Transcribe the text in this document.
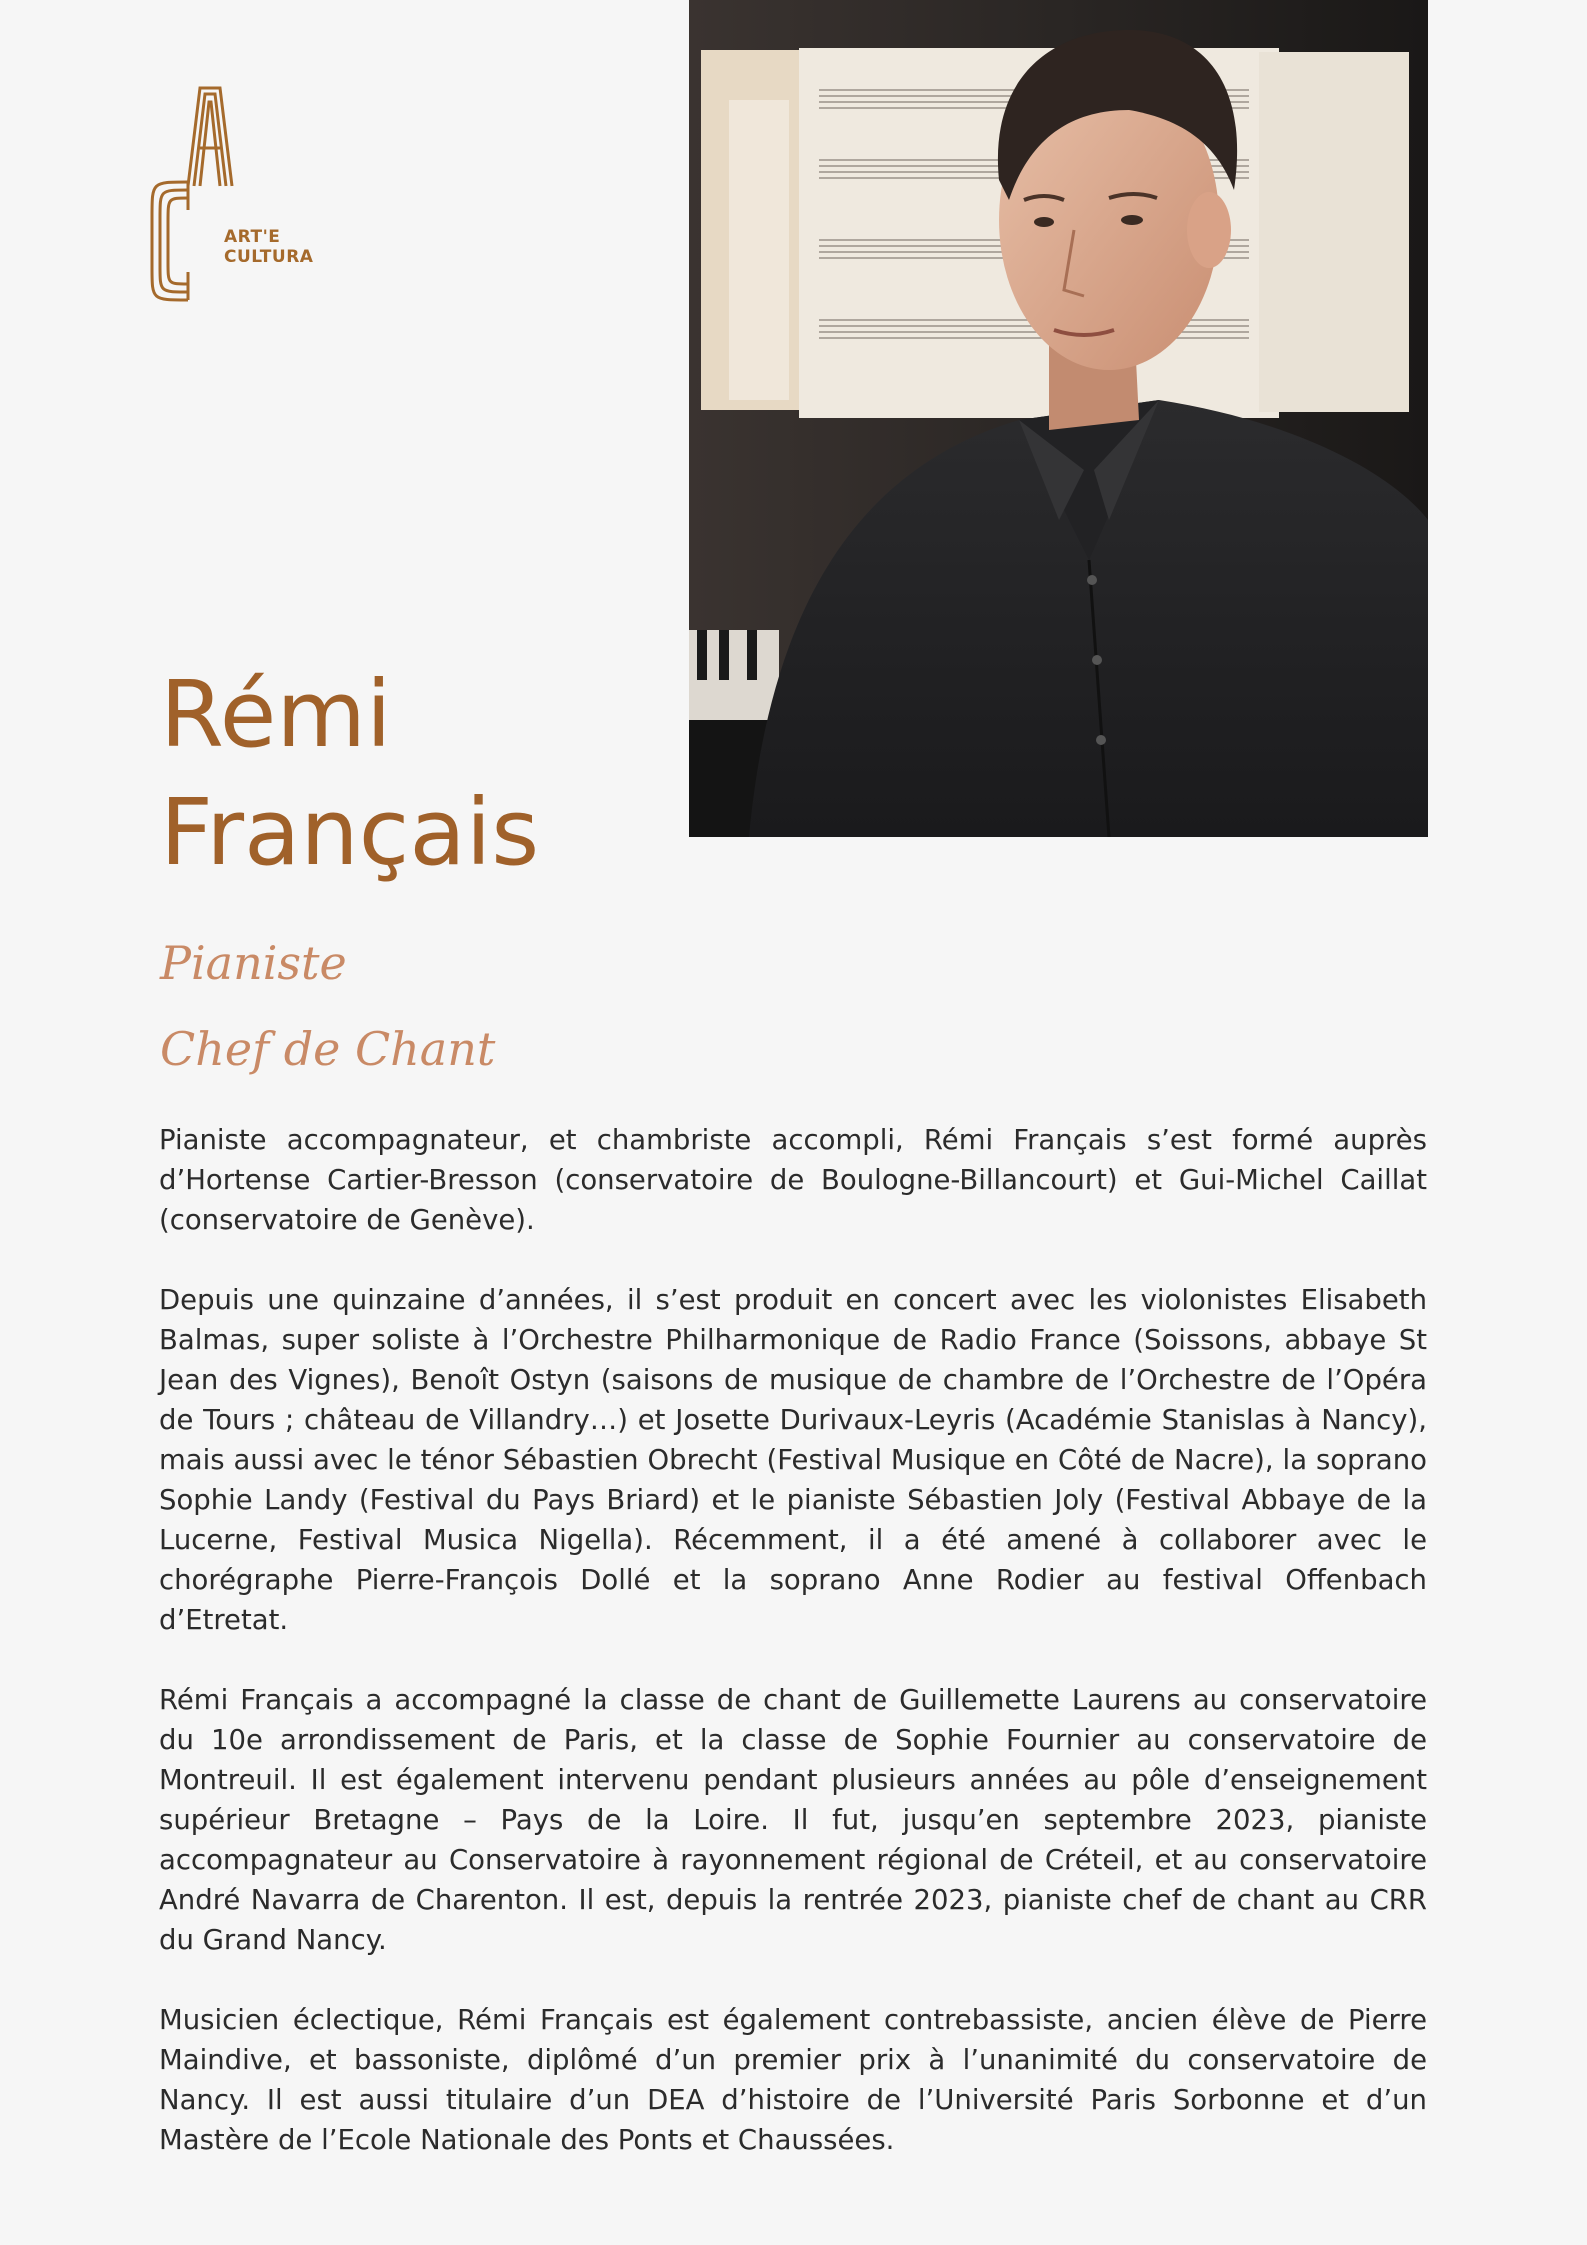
ART'E
CULTURA
Rémi
Français
Pianiste
Chef de Chant

Pianiste accompagnateur, et chambriste accompli, Rémi Français s’est formé auprès d’Hortense Cartier-Bresson (conservatoire de Boulogne-Billancourt) et Gui-Michel Caillat (conservatoire de Genève).

Depuis une quinzaine d’années, il s’est produit en concert avec les violonistes Elisabeth Balmas, super soliste à l’Orchestre Philharmonique de Radio France (Soissons, abbaye St Jean des Vignes), Benoît Ostyn (saisons de musique de chambre de l’Orchestre de l’Opéra de Tours ; château de Villandry…) et Josette Durivaux-Leyris (Académie Stanislas à Nancy), mais aussi avec le ténor Sébastien Obrecht (Festival Musique en Côté de Nacre), la soprano Sophie Landy (Festival du Pays Briard) et le pianiste Sébastien Joly (Festival Abbaye de la Lucerne, Festival Musica Nigella). Récemment, il a été amené à collaborer avec le chorégraphe Pierre-François Dollé et la soprano Anne Rodier au festival Offenbach d’Etretat.

Rémi Français a accompagné la classe de chant de Guillemette Laurens au conservatoire du 10e arrondissement de Paris, et la classe de Sophie Fournier au conservatoire de Montreuil. Il est également intervenu pendant plusieurs années au pôle d’enseignement supérieur Bretagne – Pays de la Loire. Il fut, jusqu’en septembre 2023, pianiste accompagnateur au Conservatoire à rayonnement régional de Créteil, et au conservatoire André Navarra de Charenton. Il est, depuis la rentrée 2023, pianiste chef de chant au CRR du Grand Nancy.

Musicien éclectique, Rémi Français est également contrebassiste, ancien élève de Pierre Maindive, et bassoniste, diplômé d’un premier prix à l’unanimité du conservatoire de Nancy. Il est aussi titulaire d’un DEA d’histoire de l’Université Paris Sorbonne et d’un Mastère de l’Ecole Nationale des Ponts et Chaussées.
